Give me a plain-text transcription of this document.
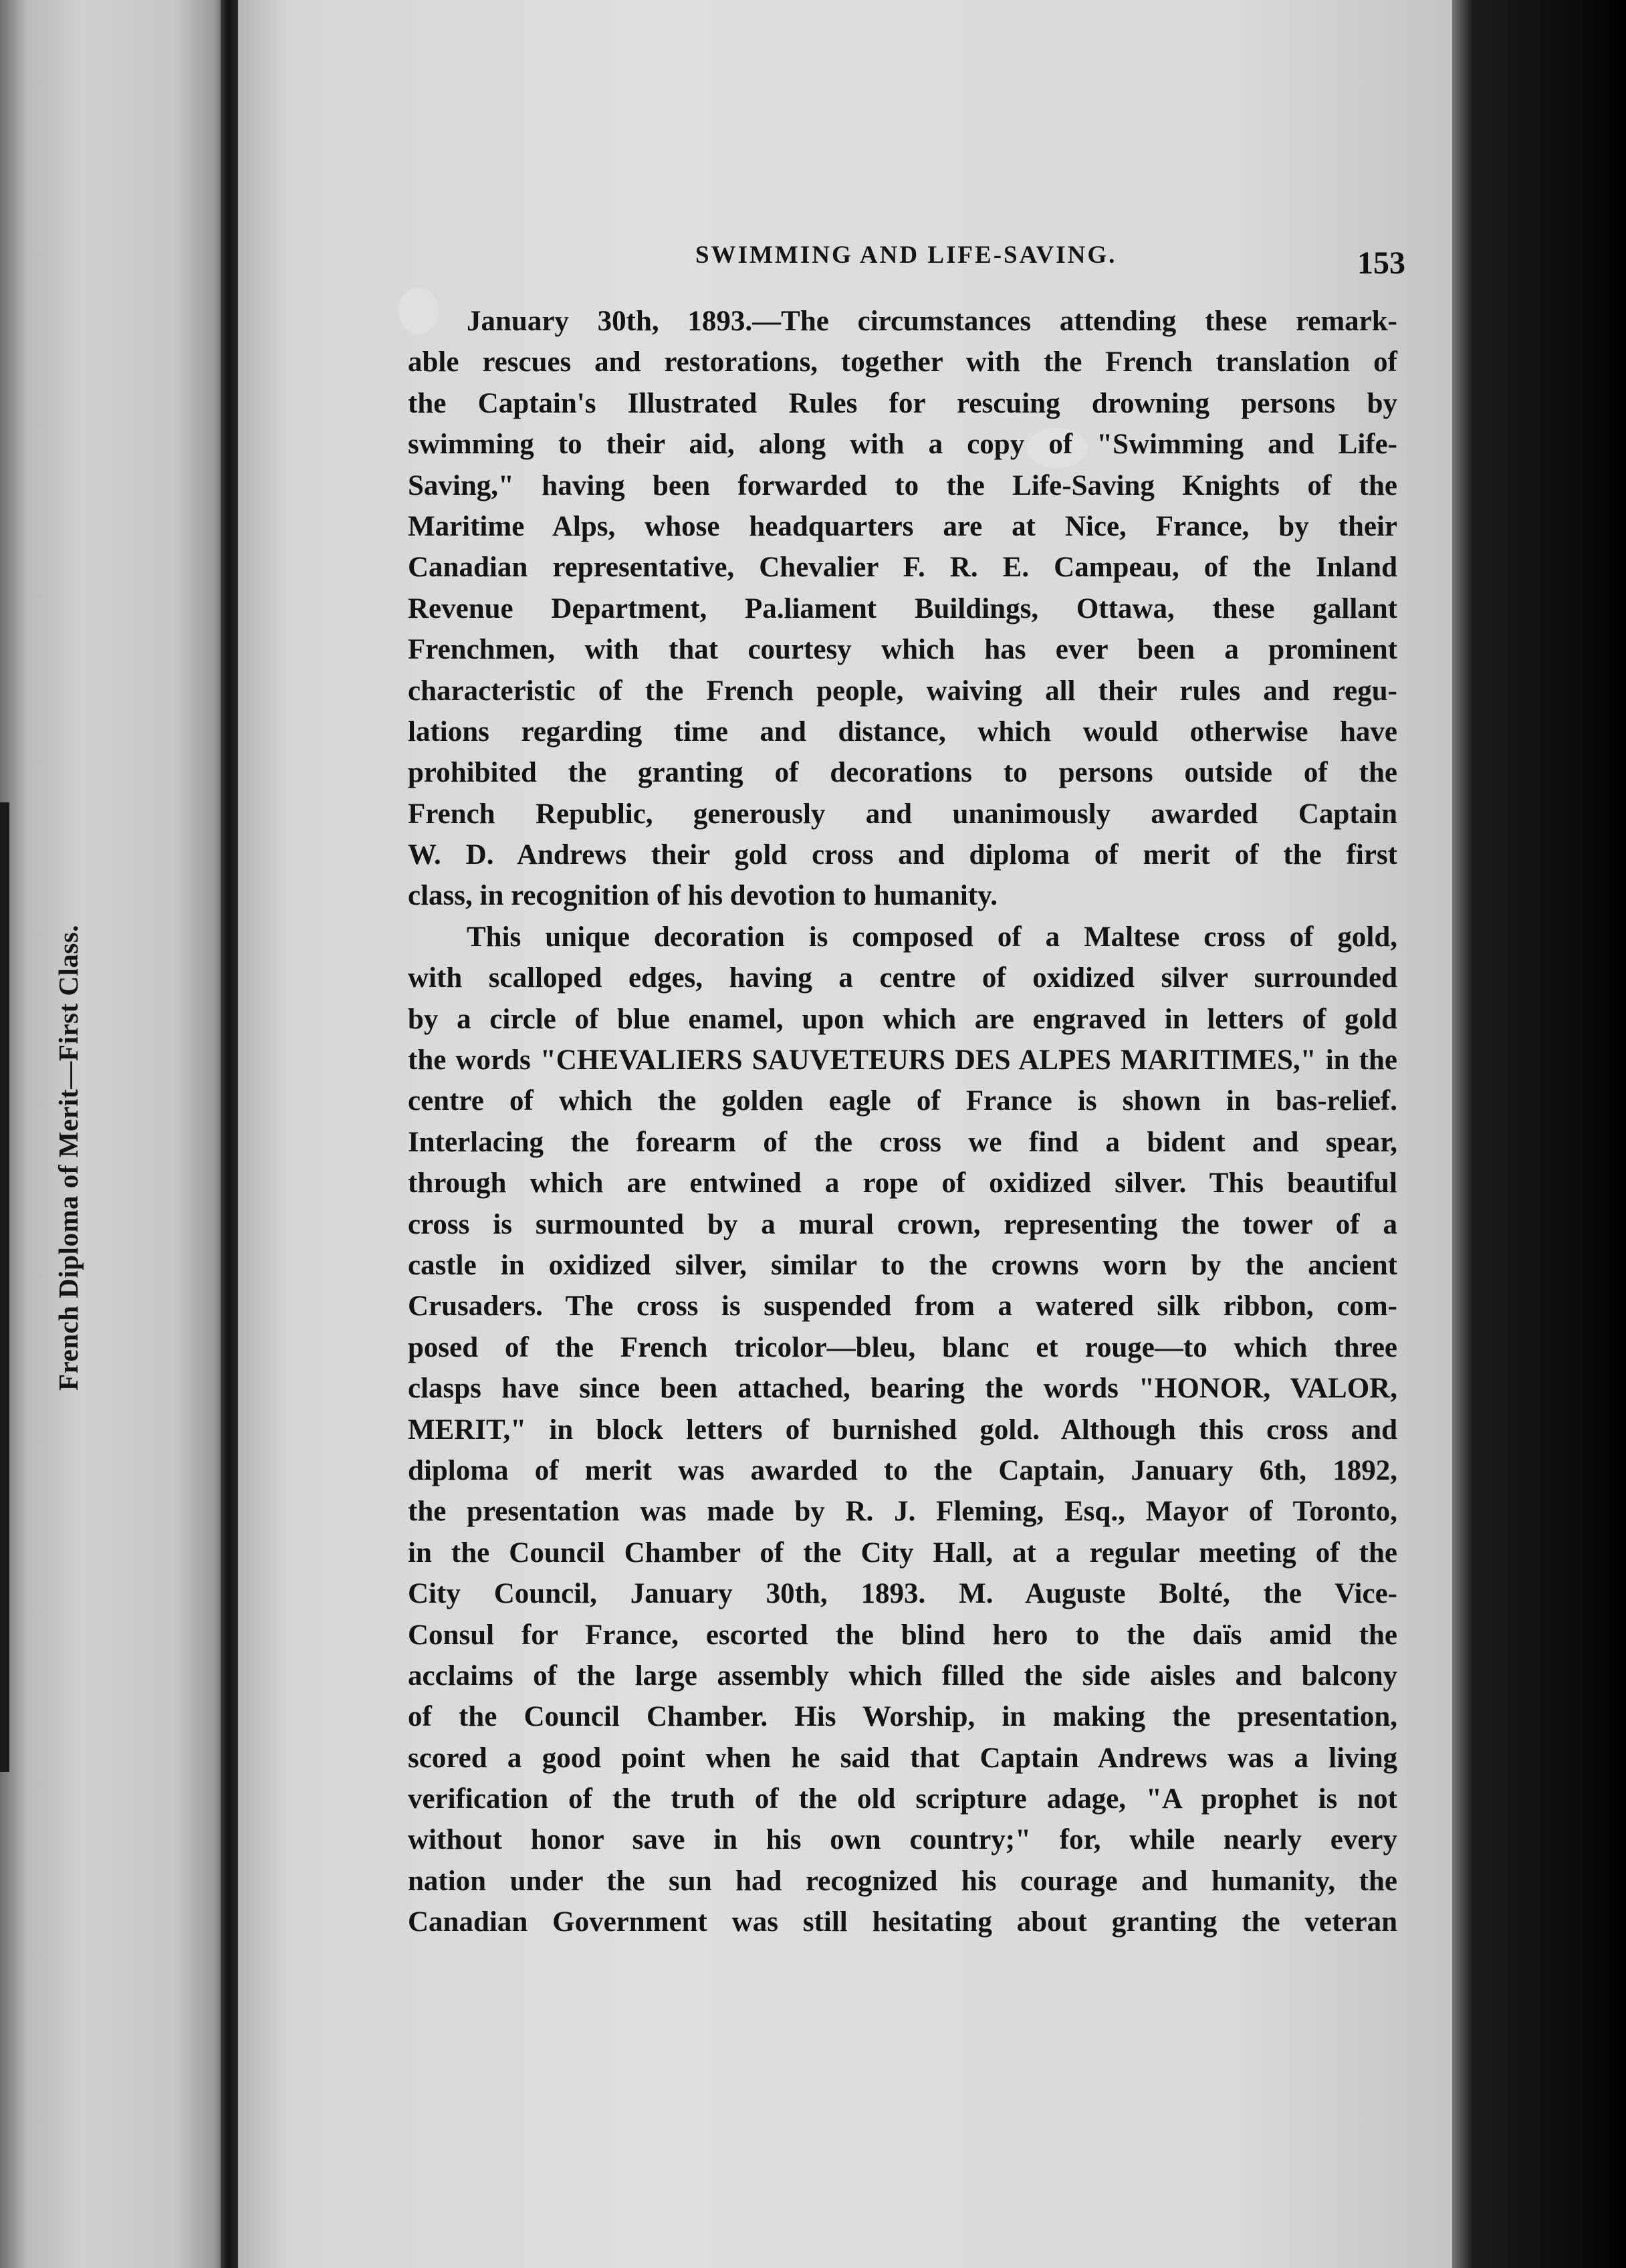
French Diploma of Merit—First Class.
SWIMMING AND LIFE-SAVING.	153
January 30th, 1893.—The circumstances attending these remark-
able rescues and restorations, together with the French translation of
the Captain's Illustrated Rules for rescuing drowning persons by
swimming to their aid, along with a copy of "Swimming and Life-
Saving," having been forwarded to the Life-Saving Knights of the
Maritime Alps, whose headquarters are at Nice, France, by their
Canadian representative, Chevalier F. R. E. Campeau, of the Inland
Revenue Department, Pa.liament Buildings, Ottawa, these gallant
Frenchmen, with that courtesy which has ever been a prominent
characteristic of the French people, waiving all their rules and regu-
lations regarding time and distance, which would otherwise have
prohibited the granting of decorations to persons outside of the
French Republic, generously and unanimously awarded Captain
W. D. Andrews their gold cross and diploma of merit of the first
class, in recognition of his devotion to humanity.
This unique decoration is composed of a Maltese cross of gold,
with scalloped edges, having a centre of oxidized silver surrounded
by a circle of blue enamel, upon which are engraved in letters of gold
the words "CHEVALIERS SAUVETEURS DES ALPES MARITIMES," in the
centre of which the golden eagle of France is shown in bas-relief.
Interlacing the forearm of the cross we find a bident and spear,
through which are entwined a rope of oxidized silver. This beautiful
cross is surmounted by a mural crown, representing the tower of a
castle in oxidized silver, similar to the crowns worn by the ancient
Crusaders. The cross is suspended from a watered silk ribbon, com-
posed of the French tricolor—bleu, blanc et rouge—to which three
clasps have since been attached, bearing the words "HONOR, VALOR,
MERIT," in block letters of burnished gold. Although this cross and
diploma of merit was awarded to the Captain, January 6th, 1892,
the presentation was made by R. J. Fleming, Esq., Mayor of Toronto,
in the Council Chamber of the City Hall, at a regular meeting of the
City Council, January 30th, 1893. M. Auguste Bolté, the Vice-
Consul for France, escorted the blind hero to the daïs amid the
acclaims of the large assembly which filled the side aisles and balcony
of the Council Chamber. His Worship, in making the presentation,
scored a good point when he said that Captain Andrews was a living
verification of the truth of the old scripture adage, "A prophet is not
without honor save in his own country;" for, while nearly every
nation under the sun had recognized his courage and humanity, the
Canadian Government was still hesitating about granting the veteran
